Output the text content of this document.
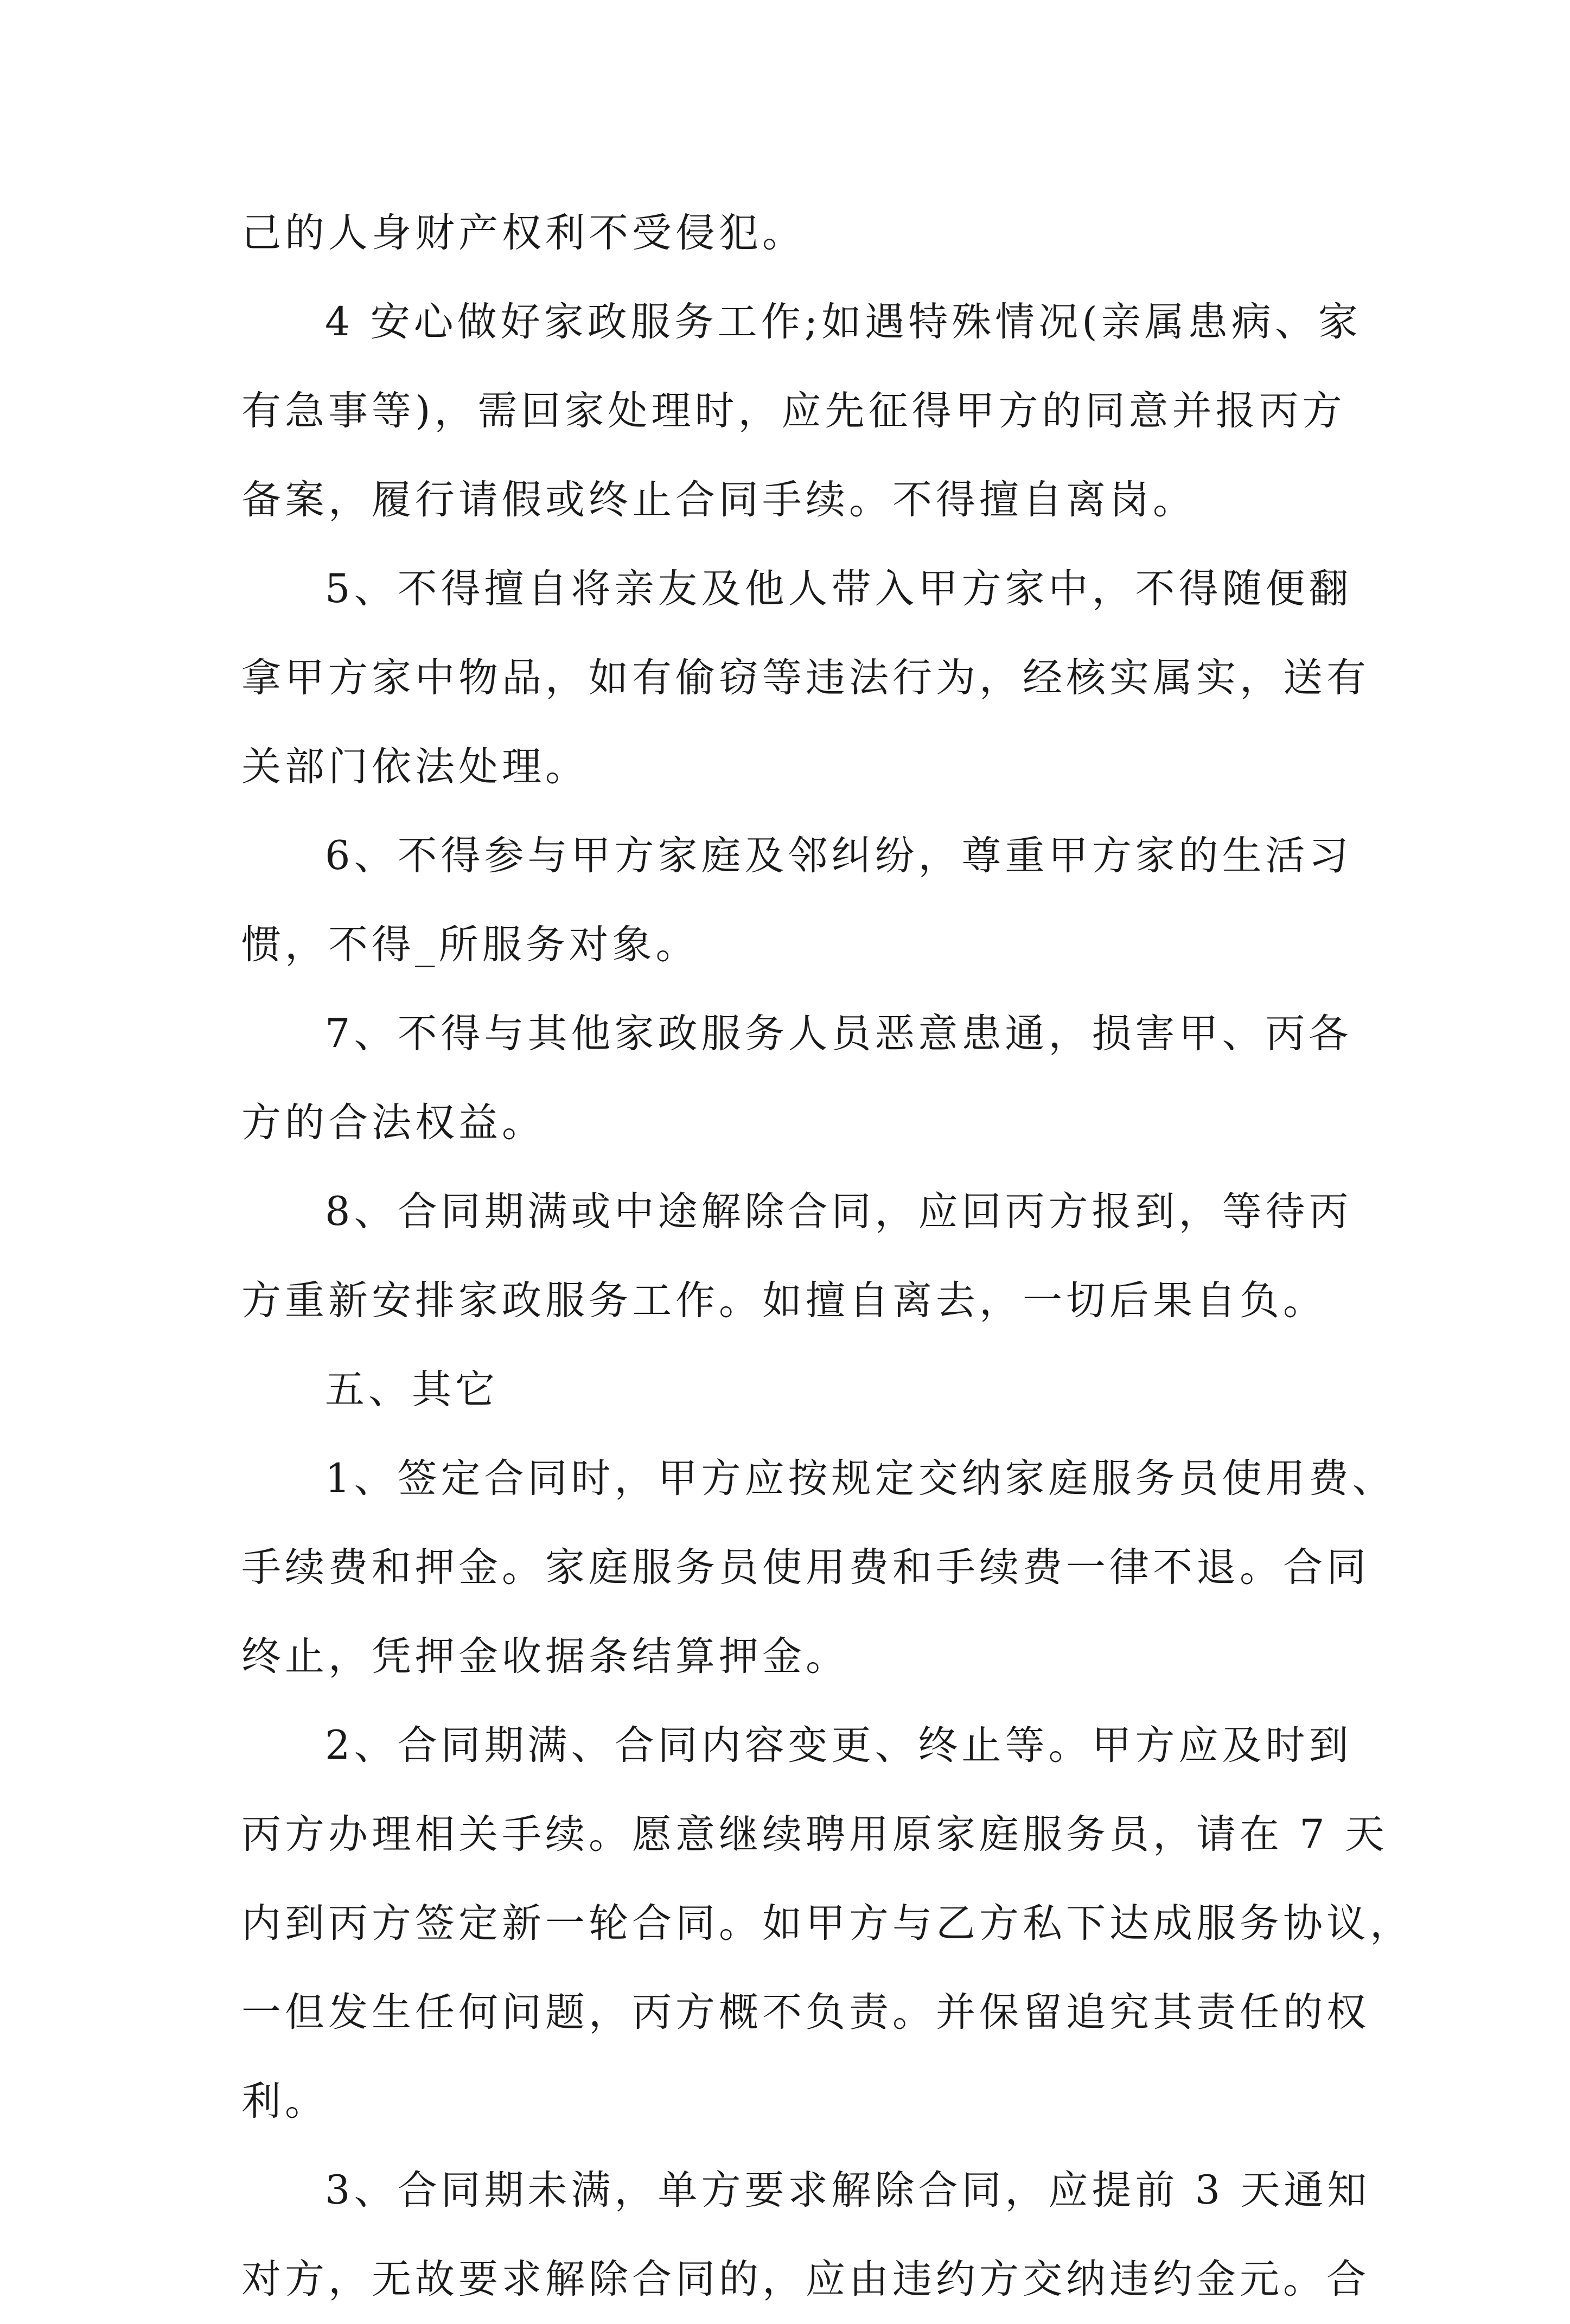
己的人身财产权利不受侵犯。
4 安心做好家政服务工作;如遇特殊情况(亲属患病、家
有急事等)，需回家处理时，应先征得甲方的同意并报丙方
备案，履行请假或终止合同手续。不得擅自离岗。
5、不得擅自将亲友及他人带入甲方家中，不得随便翻
拿甲方家中物品，如有偷窃等违法行为，经核实属实，送有
关部门依法处理。
6、不得参与甲方家庭及邻纠纷，尊重甲方家的生活习
惯，不得_所服务对象。
7、不得与其他家政服务人员恶意患通，损害甲、丙各
方的合法权益。
8、合同期满或中途解除合同，应回丙方报到，等待丙
方重新安排家政服务工作。如擅自离去，一切后果自负。
五、其它
1、签定合同时，甲方应按规定交纳家庭服务员使用费、
手续费和押金。家庭服务员使用费和手续费一律不退。合同
终止，凭押金收据条结算押金。
2、合同期满、合同内容变更、终止等。甲方应及时到
丙方办理相关手续。愿意继续聘用原家庭服务员，请在 7 天
内到丙方签定新一轮合同。如甲方与乙方私下达成服务协议，
一但发生任何问题，丙方概不负责。并保留追究其责任的权
利。
3、合同期未满，单方要求解除合同，应提前 3 天通知
对方，无故要求解除合同的，应由违约方交纳违约金元。合
